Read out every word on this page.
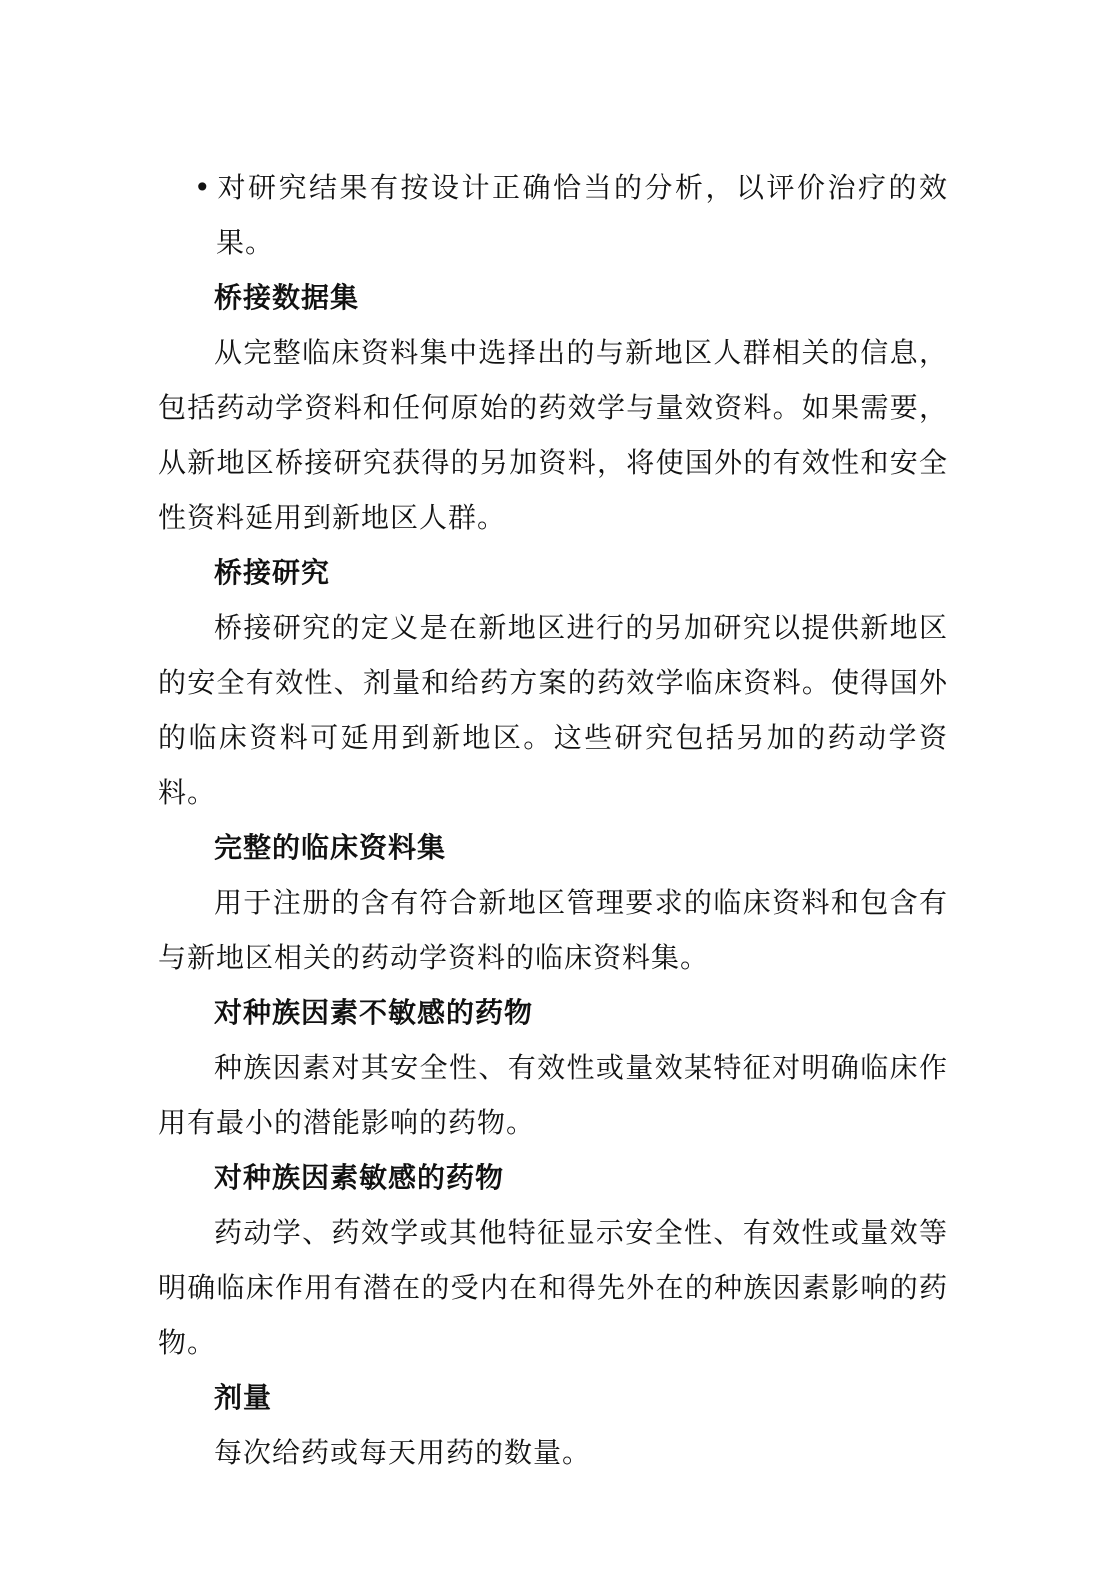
• 对研究结果有按设计正确恰当的分析，以评价治疗的效果。

桥接数据集

从完整临床资料集中选择出的与新地区人群相关的信息，包括药动学资料和任何原始的药效学与量效资料。如果需要，从新地区桥接研究获得的另加资料，将使国外的有效性和安全性资料延用到新地区人群。

桥接研究

桥接研究的定义是在新地区进行的另加研究以提供新地区的安全有效性、剂量和给药方案的药效学临床资料。使得国外的临床资料可延用到新地区。这些研究包括另加的药动学资料。

完整的临床资料集

用于注册的含有符合新地区管理要求的临床资料和包含有与新地区相关的药动学资料的临床资料集。

对种族因素不敏感的药物

种族因素对其安全性、有效性或量效某特征对明确临床作用有最小的潜能影响的药物。

对种族因素敏感的药物

药动学、药效学或其他特征显示安全性、有效性或量效等明确临床作用有潜在的受内在和得先外在的种族因素影响的药物。

剂量

每次给药或每天用药的数量。
